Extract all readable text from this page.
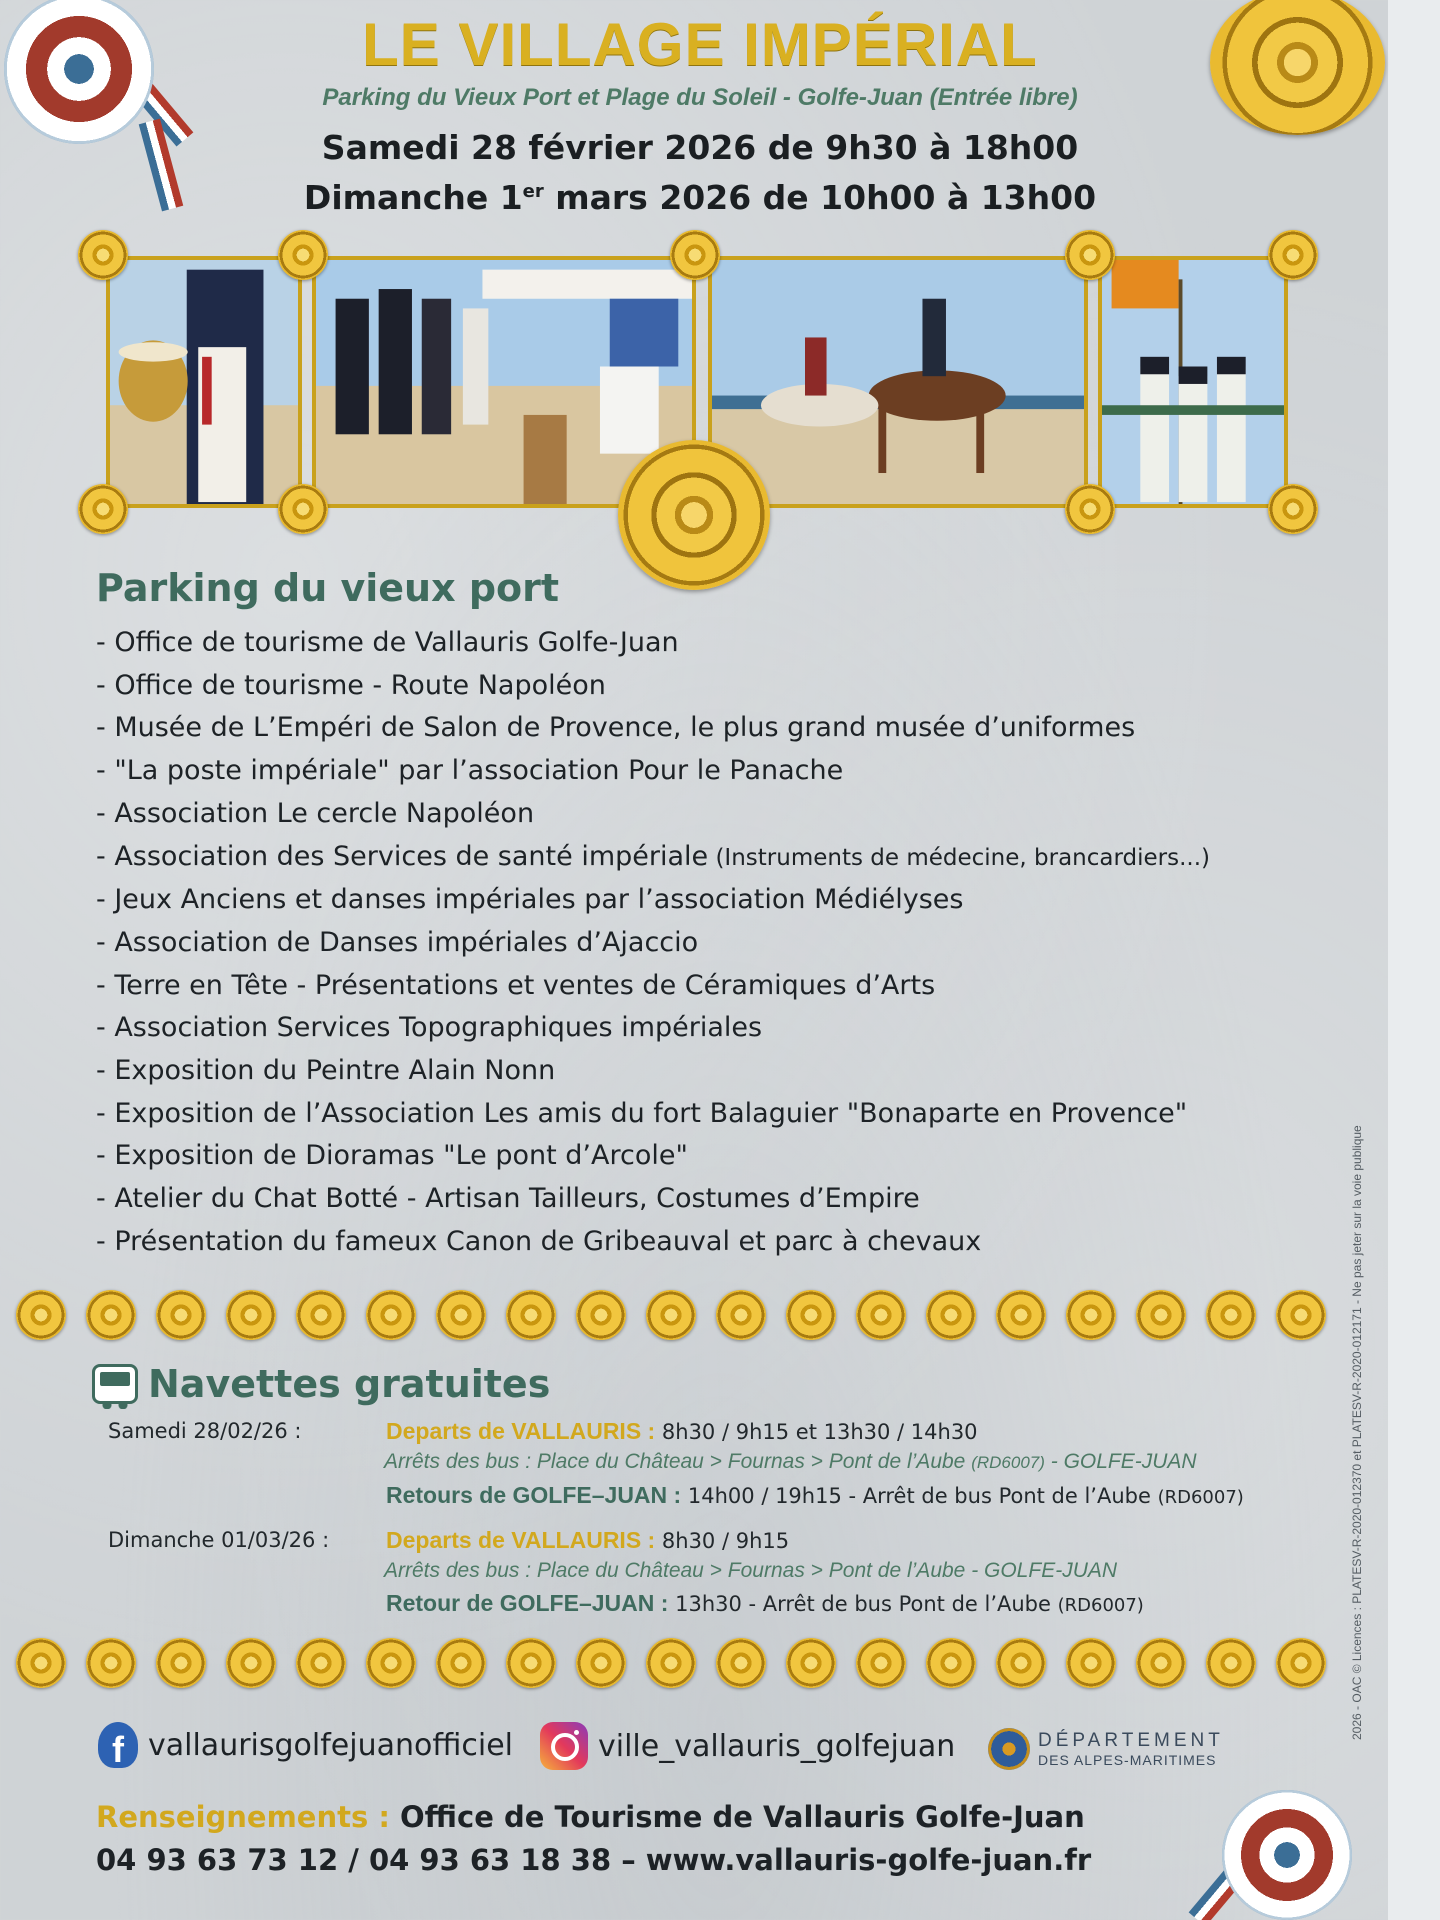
LE VILLAGE IMPÉRIAL
Parking du Vieux Port et Plage du Soleil - Golfe-Juan (Entrée libre)
Samedi 28 février 2026 de 9h30 à 18h00
Dimanche 1er mars 2026 de 10h00 à 13h00
Parking du vieux port
- Office de tourisme de Vallauris Golfe-Juan
- Office de tourisme - Route Napoléon
- Musée de L’Empéri de Salon de Provence, le plus grand musée d’uniformes
- "La poste impériale" par l’association Pour le Panache
- Association Le cercle Napoléon
- Association des Services de santé impériale (Instruments de médecine, brancardiers...)
- Jeux Anciens et danses impériales par l’association Médiélyses
- Association de Danses impériales d’Ajaccio
- Terre en Tête - Présentations et ventes de Céramiques d’Arts
- Association Services Topographiques impériales
- Exposition du Peintre Alain Nonn
- Exposition de l’Association Les amis du fort Balaguier "Bonaparte en Provence"
- Exposition de Dioramas "Le pont d’Arcole"
- Atelier du Chat Botté - Artisan Tailleurs, Costumes d’Empire
- Présentation du fameux Canon de Gribeauval et parc à chevaux
Navettes gratuites
Samedi 28/02/26 :	Departs de VALLAURIS : 8h30 / 9h15 et 13h30 / 14h30
Arrêts des bus : Place du Château > Fournas > Pont de l’Aube (RD6007) - GOLFE-JUAN
Retours de GOLFE–JUAN : 14h00 / 19h15 - Arrêt de bus Pont de l’Aube (RD6007)
Dimanche 01/03/26 : Departs de VALLAURIS : 8h30 / 9h15
Arrêts des bus : Place du Château > Fournas > Pont de l’Aube - GOLFE-JUAN
Retour de GOLFE–JUAN : 13h30 - Arrêt de bus Pont de l’Aube (RD6007)
f vallaurisgolfejuanofficiel	ville_vallauris_golfejuan	DÉPARTEMENT
DES ALPES-MARITIMES
Renseignements : Office de Tourisme de Vallauris Golfe-Juan
04 93 63 73 12 / 04 93 63 18 38 – www.vallauris-golfe-juan.fr
2026 - OAC © Licences : PLATESV-R-2020-012370 et PLATESV-R-2020-012171 - Ne pas jeter sur la voie publique
